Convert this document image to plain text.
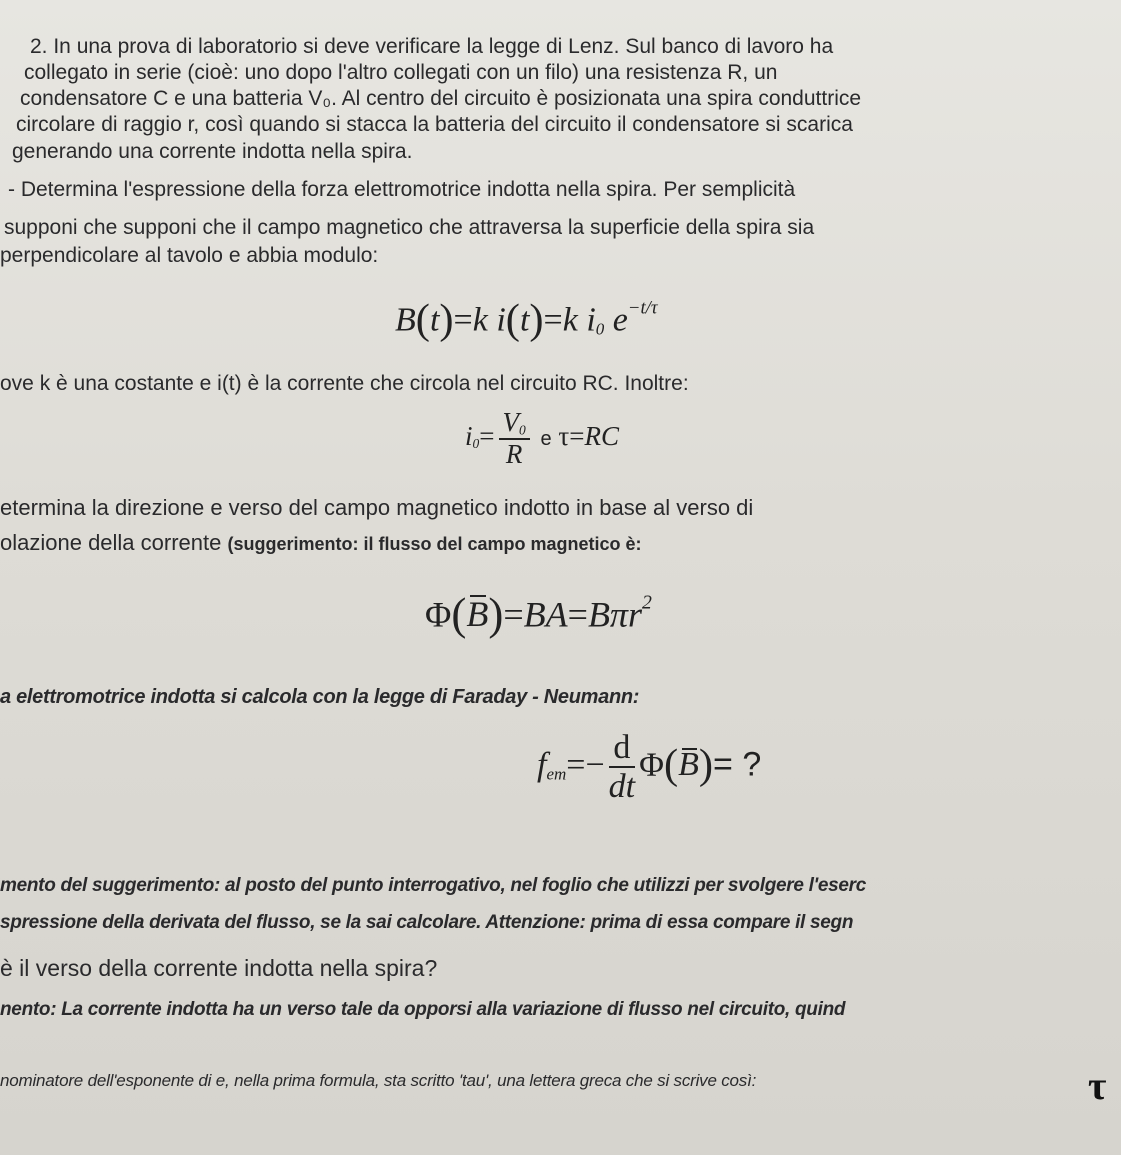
2. In una prova di laboratorio si deve verificare la legge di Lenz. Sul banco di lavoro ha
collegato in serie (cioè: uno dopo l'altro collegati con un filo) una resistenza R, un
condensatore C e una batteria V₀. Al centro del circuito è posizionata una spira conduttrice
circolare di raggio r, così quando si stacca la batteria del circuito il condensatore si scarica
generando una corrente indotta nella spira.
- Determina l'espressione della forza elettromotrice indotta nella spira. Per semplicità
supponi che supponi che il campo magnetico che attraversa la superficie della spira sia
perpendicolare al tavolo e abbia modulo:
B(t)=k i(t)=k $i_0$ $e^{-t/\tau}$
ove k è una costante e i(t) è la corrente che circola nel circuito RC. Inoltre:
$i_0= \frac{V_0}{R}$ e τ=RC
etermina la direzione e verso del campo magnetico indotto in base al verso di
olazione della corrente (suggerimento: il flusso del campo magnetico è:
Φ(B)=BA=Bπr$^2$
a elettromotrice indotta si calcola con la legge di Faraday - Neumann:
$f_{em}=- \frac{d}{dt} \Phi(B)=$ ?
mento del suggerimento: al posto del punto interrogativo, nel foglio che utilizzi per svolgere l'eserc
spressione della derivata del flusso, se la sai calcolare. Attenzione: prima di essa compare il segn
è il verso della corrente indotta nella spira?
nento: La corrente indotta ha un verso tale da opporsi alla variazione di flusso nel circuito, quind
nominatore dell'esponente di e, nella prima formula, sta scritto 'tau', una lettera greca che si scrive così:	τ
